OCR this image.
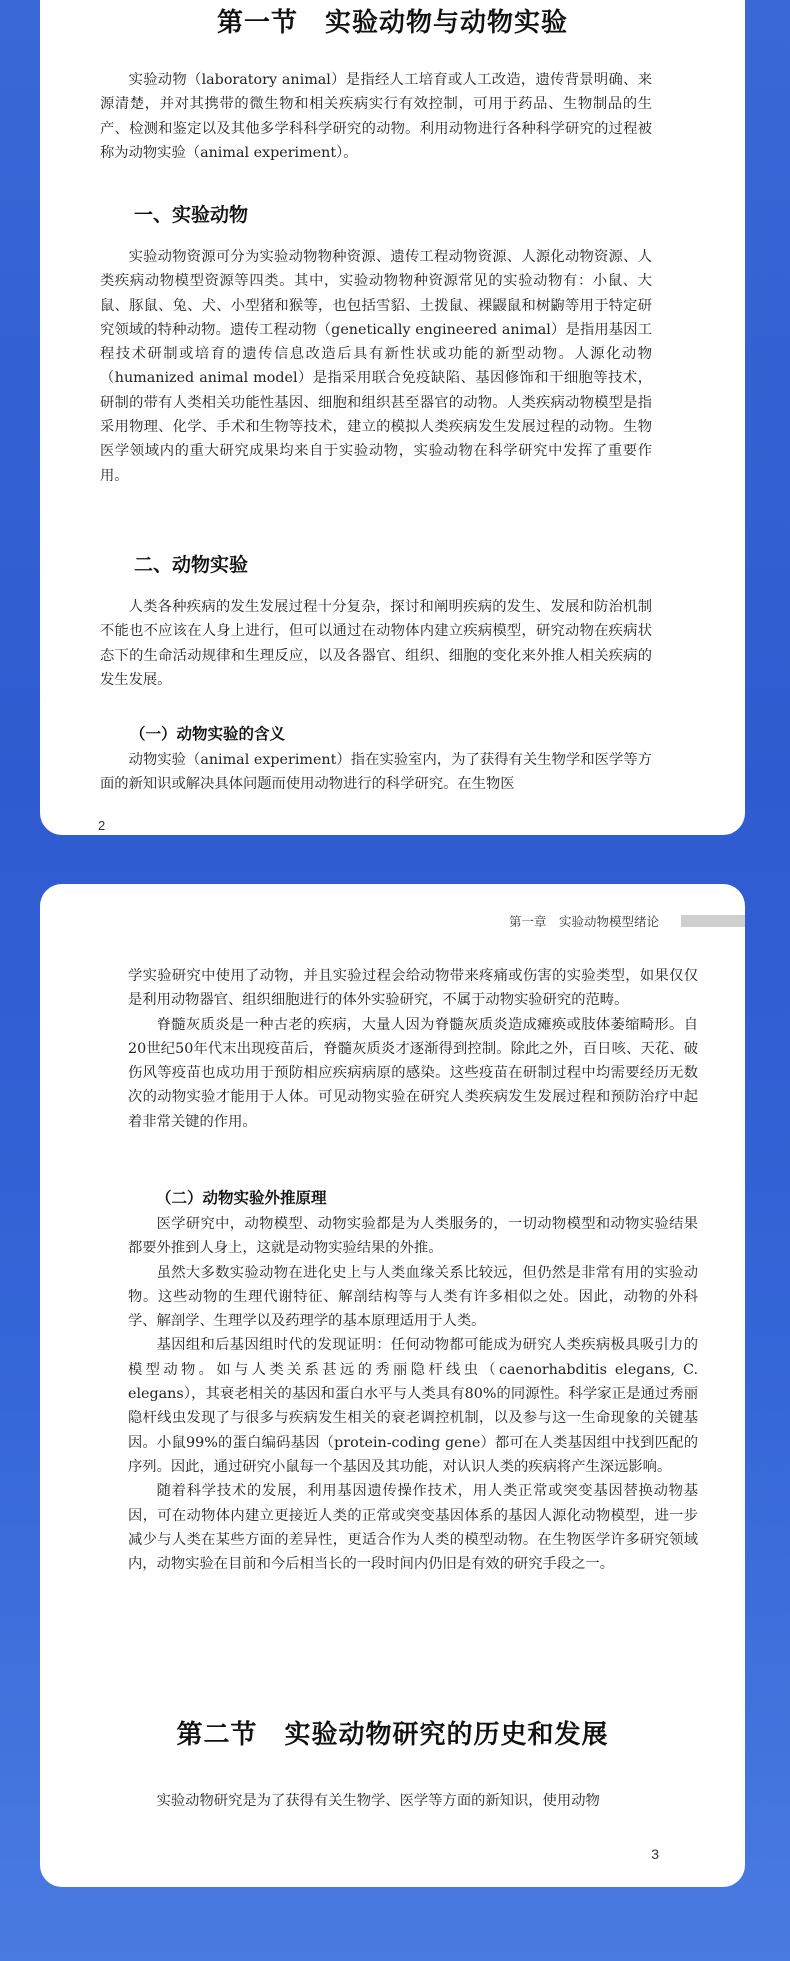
第一节　实验动物与动物实验

实验动物（laboratory animal）是指经人工培育或人工改造，遗传背景明确、来源清楚，并对其携带的微生物和相关疾病实行有效控制，可用于药品、生物制品的生产、检测和鉴定以及其他多学科科学研究的动物。利用动物进行各种科学研究的过程被称为动物实验（animal experiment）。

一、实验动物

实验动物资源可分为实验动物物种资源、遗传工程动物资源、人源化动物资源、人类疾病动物模型资源等四类。其中，实验动物物种资源常见的实验动物有：小鼠、大鼠、豚鼠、兔、犬、小型猪和猴等，也包括雪貂、土拨鼠、裸鼹鼠和树鼩等用于特定研究领域的特种动物。遗传工程动物（genetically engineered animal）是指用基因工程技术研制或培育的遗传信息改造后具有新性状或功能的新型动物。人源化动物（humanized animal model）是指采用联合免疫缺陷、基因修饰和干细胞等技术，研制的带有人类相关功能性基因、细胞和组织甚至器官的动物。人类疾病动物模型是指采用物理、化学、手术和生物等技术，建立的模拟人类疾病发生发展过程的动物。生物医学领域内的重大研究成果均来自于实验动物，实验动物在科学研究中发挥了重要作用。

二、动物实验

人类各种疾病的发生发展过程十分复杂，探讨和阐明疾病的发生、发展和防治机制不能也不应该在人身上进行，但可以通过在动物体内建立疾病模型，研究动物在疾病状态下的生命活动规律和生理反应，以及各器官、组织、细胞的变化来外推人相关疾病的发生发展。

（一）动物实验的含义

动物实验（animal experiment）指在实验室内，为了获得有关生物学和医学等方面的新知识或解决具体问题而使用动物进行的科学研究。在生物医

2
第一章　实验动物模型绪论

学实验研究中使用了动物，并且实验过程会给动物带来疼痛或伤害的实验类型，如果仅仅是利用动物器官、组织细胞进行的体外实验研究，不属于动物实验研究的范畴。

脊髓灰质炎是一种古老的疾病，大量人因为脊髓灰质炎造成瘫痪或肢体萎缩畸形。自20世纪50年代末出现疫苗后，脊髓灰质炎才逐渐得到控制。除此之外，百日咳、天花、破伤风等疫苗也成功用于预防相应疾病病原的感染。这些疫苗在研制过程中均需要经历无数次的动物实验才能用于人体。可见动物实验在研究人类疾病发生发展过程和预防治疗中起着非常关键的作用。

（二）动物实验外推原理

医学研究中，动物模型、动物实验都是为人类服务的，一切动物模型和动物实验结果都要外推到人身上，这就是动物实验结果的外推。

虽然大多数实验动物在进化史上与人类血缘关系比较远，但仍然是非常有用的实验动物。这些动物的生理代谢特征、解剖结构等与人类有许多相似之处。因此，动物的外科学、解剖学、生理学以及药理学的基本原理适用于人类。

基因组和后基因组时代的发现证明：任何动物都可能成为研究人类疾病极具吸引力的模型动物。如与人类关系甚远的秀丽隐杆线虫（caenorhabditis elegans, C. elegans），其衰老相关的基因和蛋白水平与人类具有80%的同源性。科学家正是通过秀丽隐杆线虫发现了与很多与疾病发生相关的衰老调控机制，以及参与这一生命现象的关键基因。小鼠99%的蛋白编码基因（protein-coding gene）都可在人类基因组中找到匹配的序列。因此，通过研究小鼠每一个基因及其功能，对认识人类的疾病将产生深远影响。

随着科学技术的发展，利用基因遗传操作技术，用人类正常或突变基因替换动物基因，可在动物体内建立更接近人类的正常或突变基因体系的基因人源化动物模型，进一步减少与人类在某些方面的差异性，更适合作为人类的模型动物。在生物医学许多研究领域内，动物实验在目前和今后相当长的一段时间内仍旧是有效的研究手段之一。

第二节　实验动物研究的历史和发展

实验动物研究是为了获得有关生物学、医学等方面的新知识，使用动物

3
